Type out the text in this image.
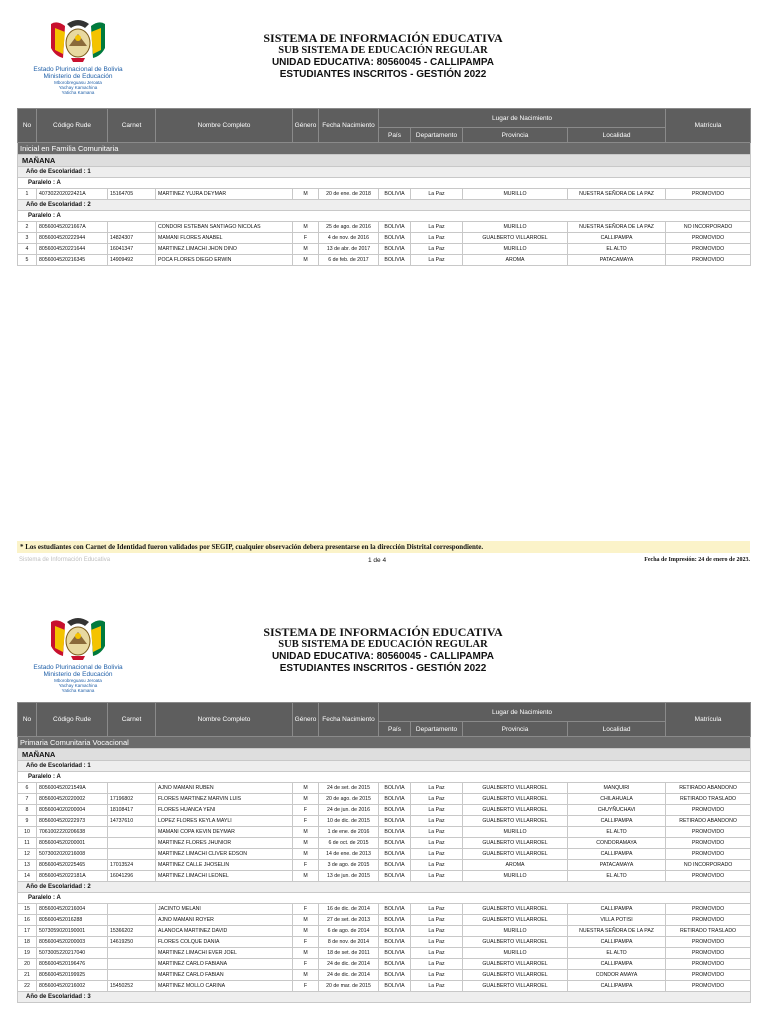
Estado Plurinacional de Bolivia
Ministerio de Educación
Mborobreguasu Jeroata
Yachay Kamachina
Yaticha Kamana
SISTEMA DE INFORMACIÓN EDUCATIVA
SUB SISTEMA DE EDUCACIÓN REGULAR
UNIDAD EDUCATIVA: 80560045 - CALLIPAMPA
ESTUDIANTES INSCRITOS - GESTIÓN 2022
No	Código Rude	Carnet	Nombre Completo	Género	Fecha Nacimiento	Lugar de Nacimiento				Matrícula
						País	Departamento	Provincia	Localidad	
Inicial en Familia Comunitaria										
MAÑANA										
Año de Escolaridad : 1										
Paralelo : A										
1	407302202022421A	15164705	MARTINEZ YUJRA DEYMAR	M	20 de ene. de 2018	BOLIVIA	La Paz	MURILLO	NUESTRA SEÑORA DE LA PAZ	PROMOVIDO
Año de Escolaridad : 2										
Paralelo : A										
2	805600452021667A		CONDORI ESTEBAN SANTIAGO NICOLAS	M	25 de ago. de 2016	BOLIVIA	La Paz	MURILLO	NUESTRA SEÑORA DE LA PAZ	NO INCORPORADO
3	8056004520222944	14824307	MAMANI FLORES ANABEL	F	4 de nov. de 2016	BOLIVIA	La Paz	GUALBERTO VILLARROEL	CALLIPAMPA	PROMOVIDO
4	8056004520221644	16041347	MARTINEZ LIMACHI JHON DINO	M	13 de abr. de 2017	BOLIVIA	La Paz	MURILLO	EL ALTO	PROMOVIDO
5	8056004520216345	14909492	POCA FLORES DIEGO ERWIN	M	6 de feb. de 2017	BOLIVIA	La Paz	AROMA	PATACAMAYA	PROMOVIDO
* Los estudiantes con Carnet de Identidad fueron validados por SEGIP, cualquier observación debera presentarse en la dirección Distrital correspondiente.
Sistema de Información Educativa	1 de 4	Fecha de Impresión: 24 de enero de 2023.
Estado Plurinacional de Bolivia
Ministerio de Educación
Mborobreguasu Jeroata
Yachay Kamachina
Yaticha Kamana
SISTEMA DE INFORMACIÓN EDUCATIVA
SUB SISTEMA DE EDUCACIÓN REGULAR
UNIDAD EDUCATIVA: 80560045 - CALLIPAMPA
ESTUDIANTES INSCRITOS - GESTIÓN 2022
No	Código Rude	Carnet	Nombre Completo	Género	Fecha Nacimiento	Lugar de Nacimiento				Matrícula
						País	Departamento	Provincia	Localidad	
Primaria Comunitaria Vocacional										
MAÑANA										
Año de Escolaridad : 1										
Paralelo : A										
6	805600452021549A		AJNO MAMANI RUBEN	M	24 de set. de 2015	BOLIVIA	La Paz	GUALBERTO VILLARROEL	MANQUIRI	RETIRADO ABANDONO
7	8056004520220002	17196802	FLORES MARTINEZ MARVIN LUIS	M	20 de ago. de 2015	BOLIVIA	La Paz	GUALBERTO VILLARROEL	CHILAHUALA	RETIRADO TRASLADO
8	8056004020200004	18108417	FLORES HUANCA YENI	F	24 de jun. de 2016	BOLIVIA	La Paz	GUALBERTO VILLARROEL	CHUYÑUCHAVI	PROMOVIDO
9	8056004520222973	14737610	LOPEZ FLORES KEYLA MAYLI	F	10 de dic. de 2015	BOLIVIA	La Paz	GUALBERTO VILLARROEL	CALLIPAMPA	RETIRADO ABANDONO
10	7061002220206638		MAMANI COPA KEVIN DEYMAR	M	1 de ene. de 2016	BOLIVIA	La Paz	MURILLO	EL ALTO	PROMOVIDO
11	8056004520200001		MARTINEZ FLORES JHUNIOR	M	6 de oct. de 2015	BOLIVIA	La Paz	GUALBERTO VILLARROEL	CONDORAMAYA	PROMOVIDO
12	5073002020216008		MARTINEZ LIMACHI CLIVER EDSON	M	14 de ene. de 2013	BOLIVIA	La Paz	GUALBERTO VILLARROEL	CALLIPAMPA	PROMOVIDO
13	8056004520225465	17013524	MARTINEZ CALLE JHOSELIN	F	3 de ago. de 2015	BOLIVIA	La Paz	AROMA	PATACAMAYA	NO INCORPORADO
14	805600452022181A	16041296	MARTINEZ LIMACHI LEONEL	M	13 de jun. de 2015	BOLIVIA	La Paz	MURILLO	EL ALTO	PROMOVIDO
Año de Escolaridad : 2										
Paralelo : A										
15	8056004520216004		JACINTO MELANI	F	16 de dic. de 2014	BOLIVIA	La Paz	GUALBERTO VILLARROEL	CALLIPAMPA	PROMOVIDO
16	805600452016288		AJNO MAMANI ROYER	M	27 de set. de 2013	BOLIVIA	La Paz	GUALBERTO VILLARROEL	VILLA POTISI	PROMOVIDO
17	5073059020190001	15366202	ALANOCA MARTINEZ DAVID	M	6 de ago. de 2014	BOLIVIA	La Paz	MURILLO	NUESTRA SEÑORA DE LA PAZ	RETIRADO TRASLADO
18	8056004520200003	14619250	FLORES COLQUE DANIA	F	8 de nov. de 2014	BOLIVIA	La Paz	GUALBERTO VILLARROEL	CALLIPAMPA	PROMOVIDO
19	5073005220217040		MARTINEZ LIMACHI EVER JOEL	M	18 de set. de 2011	BOLIVIA	La Paz	MURILLO	EL ALTO	PROMOVIDO
20	8056004520196476		MARTINEZ CARLO FABIANA	F	24 de dic. de 2014	BOLIVIA	La Paz	GUALBERTO VILLARROEL	CALLIPAMPA	PROMOVIDO
21	8056004520199925		MARTINEZ CARLO FABIAN	M	24 de dic. de 2014	BOLIVIA	La Paz	GUALBERTO VILLARROEL	CONDOR AMAYA	PROMOVIDO
22	8056004520216002	15450252	MARTINEZ MOLLO CARINA	F	20 de mar. de 2015	BOLIVIA	La Paz	GUALBERTO VILLARROEL	CALLIPAMPA	PROMOVIDO
Año de Escolaridad : 3										
